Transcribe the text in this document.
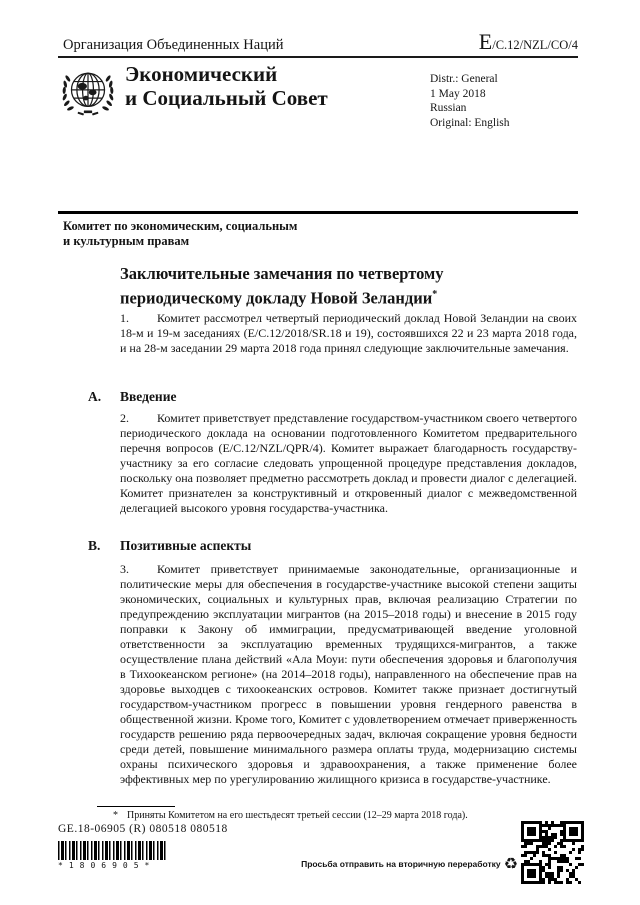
Организация Объединенных Наций	E /C.12/NZL/CO/4
Экономический
и Социальный Совет
Distr.: General
1 May 2018
Russian
Original: English
Комитет по экономическим, социальным
и культурным правам
Заключительные замечания по четвертому
периодическому докладу Новой Зеландии*

1. Комитет рассмотрел четвертый периодический доклад Новой Зеландии на своих 18-м и 19-м заседаниях (E/C.12/2018/SR.18 и 19), состоявшихся 22 и 23 марта 2018 года, и на 28-м заседании 29 марта 2018 года принял следующие заключительные замечания.

A. Введение

2. Комитет приветствует представление государством-участником своего четвертого периодического доклада на основании подготовленного Комитетом предварительного перечня вопросов (E/C.12/NZL/QPR/4). Комитет выражает благодарность государству-участнику за его согласие следовать упрощенной процедуре представления докладов, поскольку она позволяет предметно рассмотреть доклад и провести диалог с делегацией. Комитет признателен за конструктивный и откровенный диалог с межведомственной делегацией высокого уровня государства-участника.

B. Позитивные аспекты

3. Комитет приветствует принимаемые законодательные, организационные и политические меры для обеспечения в государстве-участнике высокой степени защиты экономических, социальных и культурных прав, включая реализацию Стратегии по предупреждению эксплуатации мигрантов (на 2015–2018 годы) и внесение в 2015 году поправки к Закону об иммиграции, предусматривающей введение уголовной ответственности за эксплуатацию временных трудящихся-мигрантов, а также осуществление плана действий «Ала Моуи: пути обеспечения здоровья и благополучия в Тихоокеанском регионе» (на 2014–2018 годы), направленного на обеспечение прав на здоровье выходцев с тихоокеанских островов. Комитет также признает достигнутый государством-участником прогресс в повышении уровня гендерного равенства в общественной жизни. Кроме того, Комитет с удовлетворением отмечает приверженность государств решению ряда первоочередных задач, включая сокращение уровня бедности среди детей, повышение минимального размера оплаты труда, модернизацию системы охраны психического здоровья и здравоохранения, а также применение более эффективных мер по урегулированию жилищного кризиса в государстве-участнике.

* Приняты Комитетом на его шестьдесят третьей сессии (12–29 марта 2018 года).
GE.18-06905 (R) 080518 080518
*1806905*	Просьба отправить на вторичную переработку ♻
